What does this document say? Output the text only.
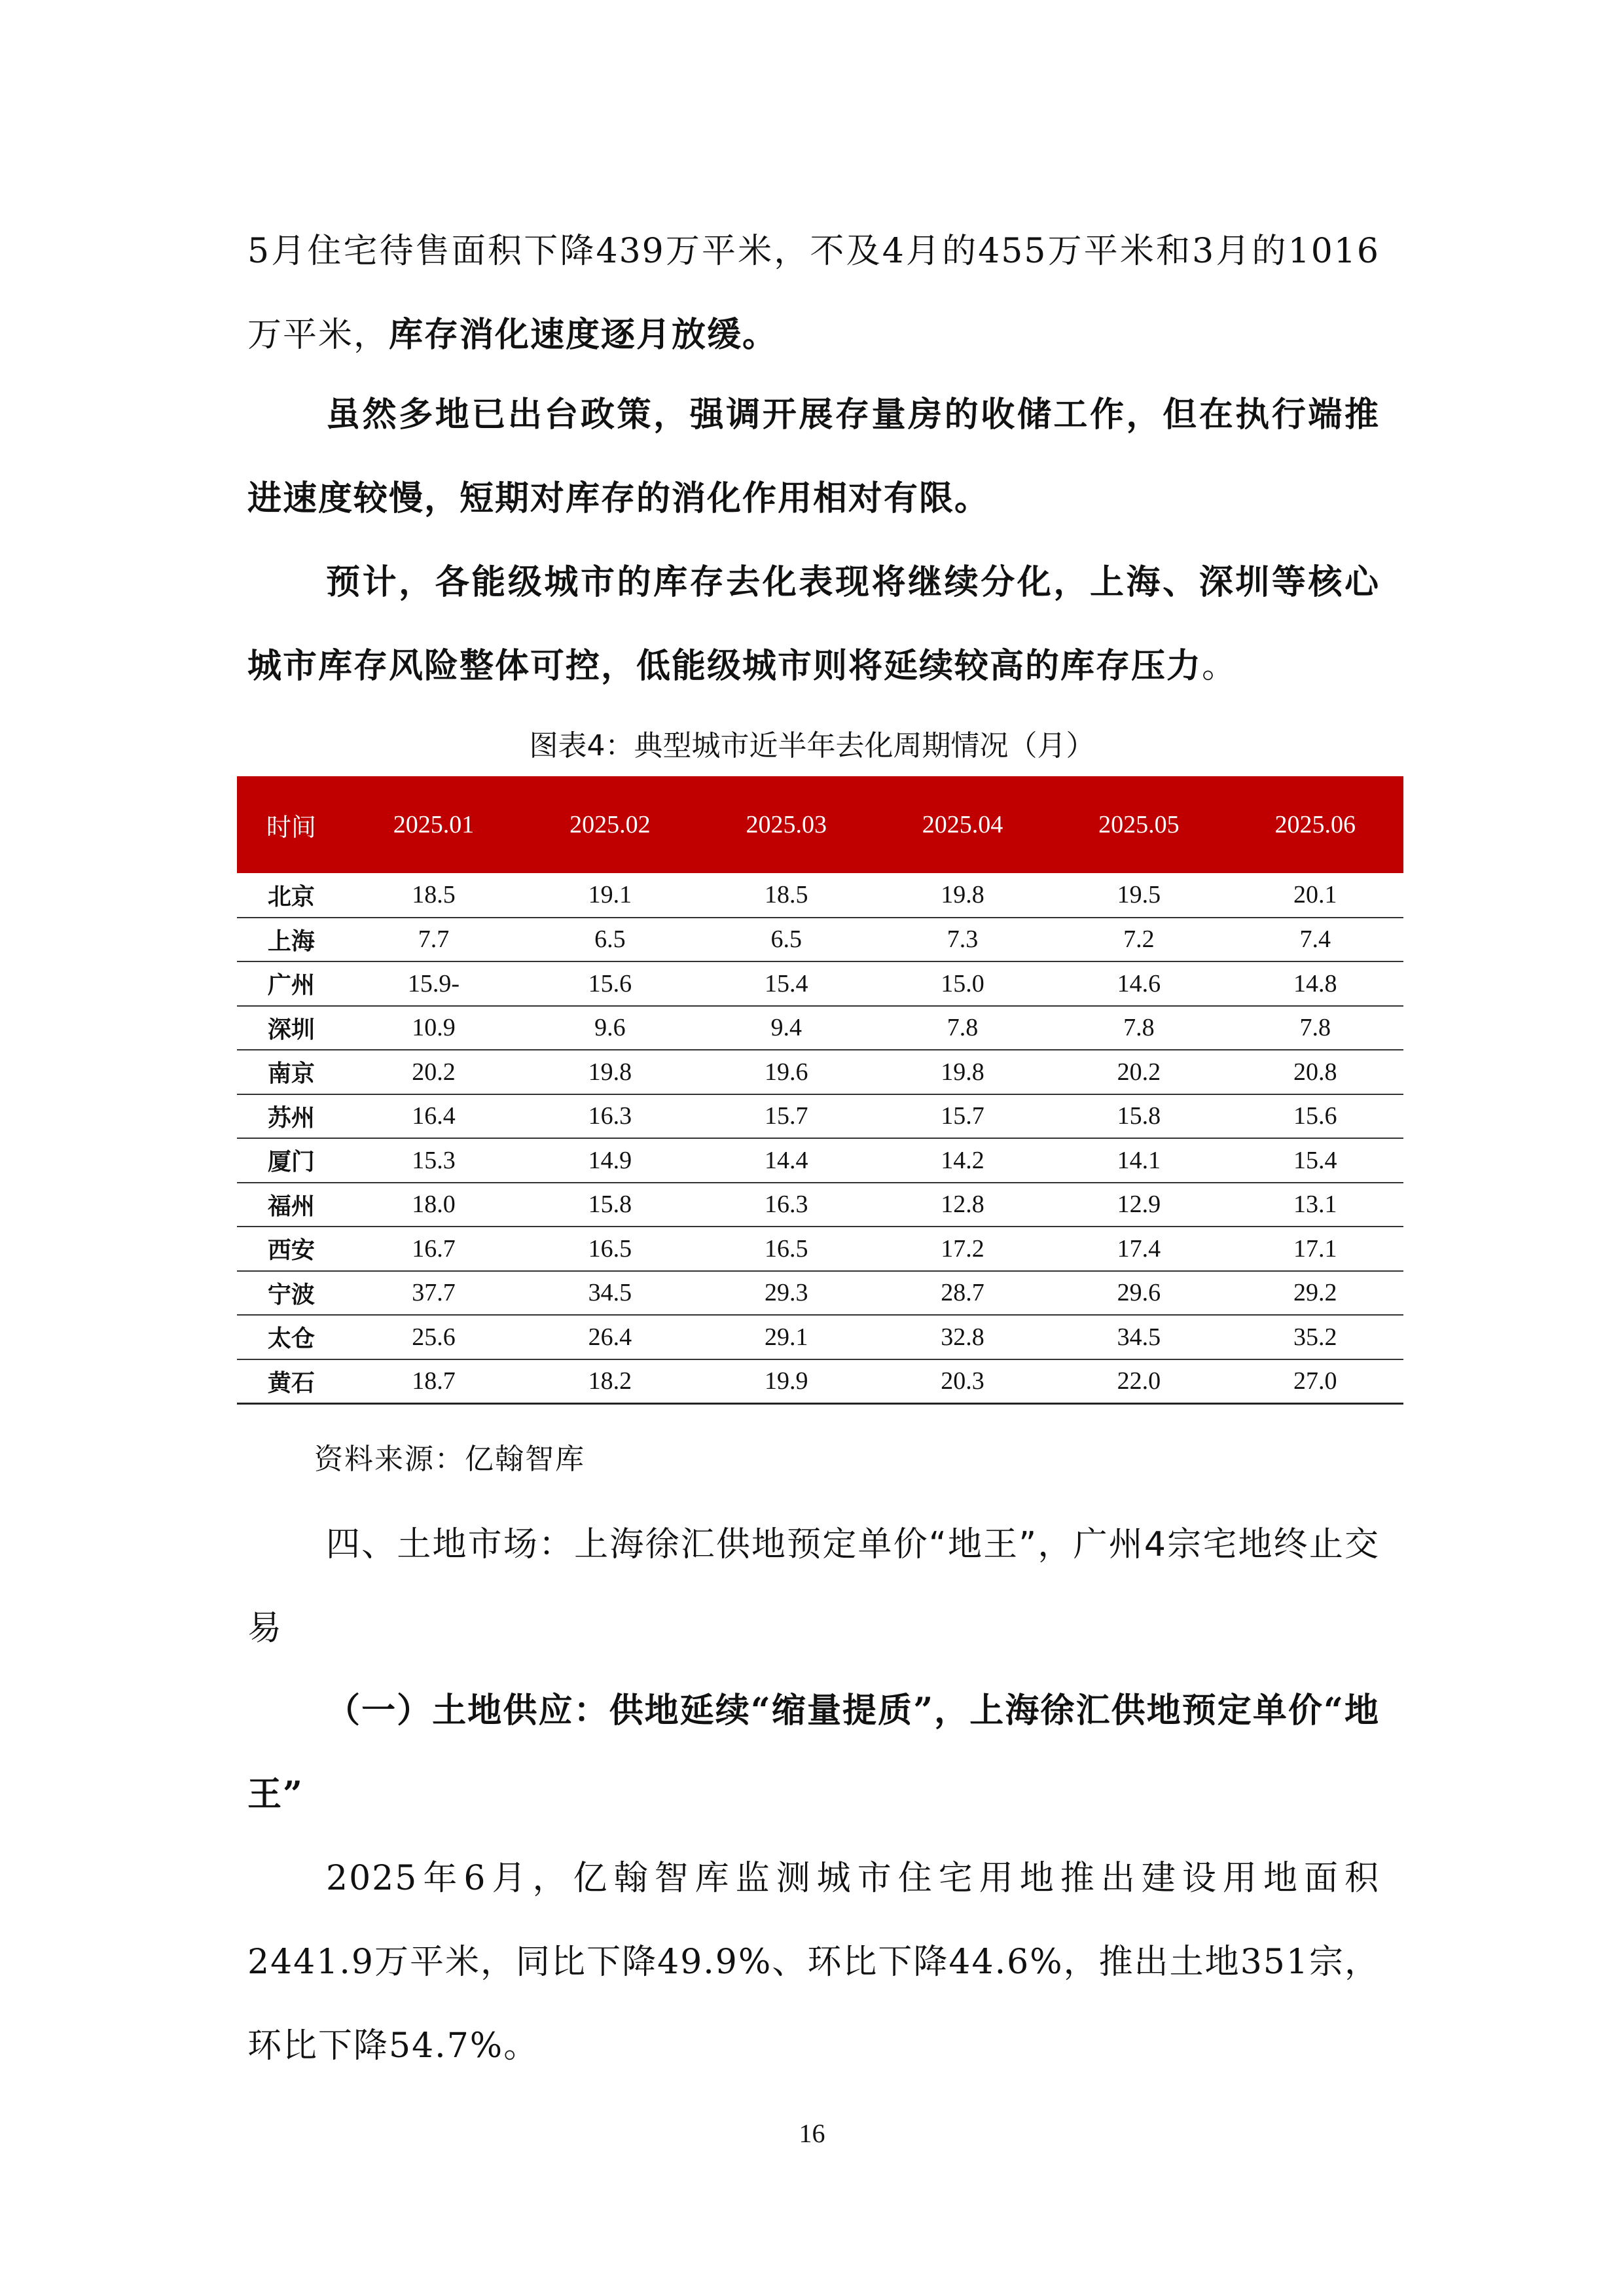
5月住宅待售面积下降439万平米，不及4月的455万平米和3月的1016万平米，库存消化速度逐月放缓。

虽然多地已出台政策，强调开展存量房的收储工作，但在执行端推进速度较慢，短期对库存的消化作用相对有限。

预计，各能级城市的库存去化表现将继续分化，上海、深圳等核心城市库存风险整体可控，低能级城市则将延续较高的库存压力。

图表4：典型城市近半年去化周期情况（月）
时间	2025.01	2025.02	2025.03	2025.04	2025.05	2025.06
北京	18.5	19.1	18.5	19.8	19.5	20.1
上海	7.7	6.5	6.5	7.3	7.2	7.4
广州	15.9-	15.6	15.4	15.0	14.6	14.8
深圳	10.9	9.6	9.4	7.8	7.8	7.8
南京	20.2	19.8	19.6	19.8	20.2	20.8
苏州	16.4	16.3	15.7	15.7	15.8	15.6
厦门	15.3	14.9	14.4	14.2	14.1	15.4
福州	18.0	15.8	16.3	12.8	12.9	13.1
西安	16.7	16.5	16.5	17.2	17.4	17.1
宁波	37.7	34.5	29.3	28.7	29.6	29.2
太仓	25.6	26.4	29.1	32.8	34.5	35.2
黄石	18.7	18.2	19.9	20.3	22.0	27.0
资料来源：亿翰智库

四、土地市场：上海徐汇供地预定单价“地王”，广州4宗宅地终止交易

（一）土地供应：供地延续“缩量提质”，上海徐汇供地预定单价“地王”

2025年6月，亿翰智库监测城市住宅用地推出建设用地面积2441.9万平米，同比下降49.9%、环比下降44.6%，推出土地351宗，环比下降54.7%。

16
